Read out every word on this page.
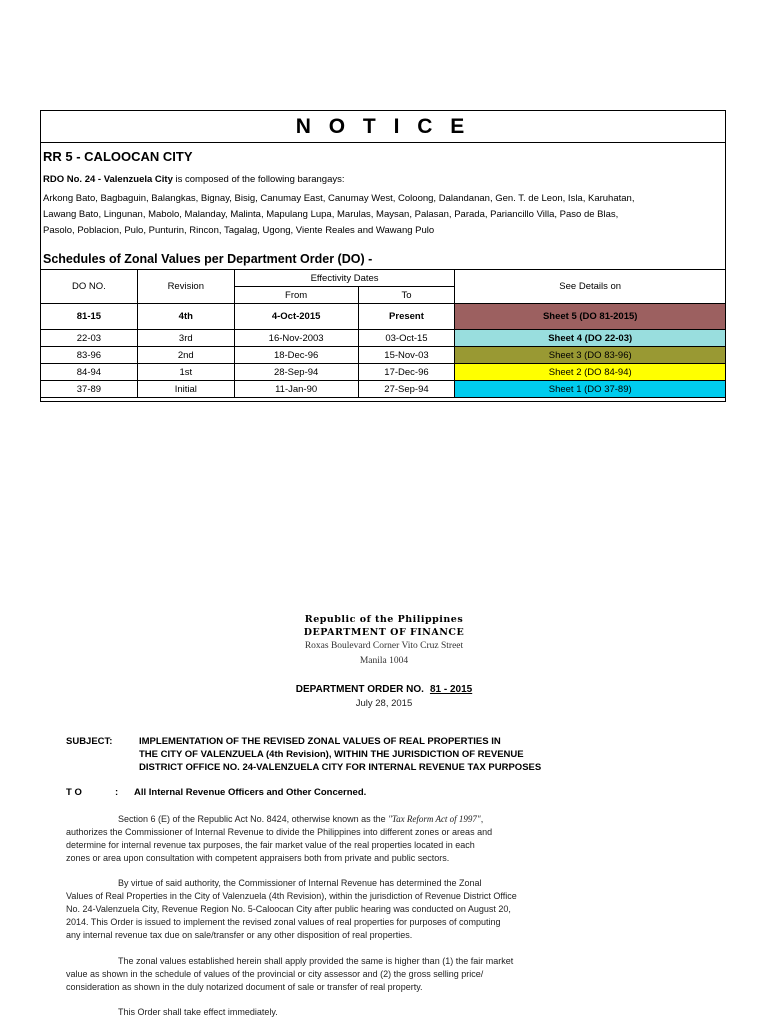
N O T I C E
RR 5 - CALOOCAN CITY
RDO No. 24 - Valenzuela City is composed of the following barangays:
Arkong Bato, Bagbaguin, Balangkas, Bignay, Bisig, Canumay East, Canumay West, Coloong, Dalandanan, Gen. T. de Leon, Isla, Karuhatan,
Lawang Bato, Lingunan, Mabolo, Malanday, Malinta, Mapulang Lupa, Marulas, Maysan, Palasan, Parada, Pariancillo Villa, Paso de Blas,
Pasolo, Poblacion, Pulo, Punturin, Rincon, Tagalag, Ugong, Viente Reales and Wawang Pulo
Schedules of Zonal Values per Department Order (DO) -
DO NO.	Revision	Effectivity Dates		See Details on
		From	To	
81-15	4th	4-Oct-2015	Present	Sheet 5 (DO 81-2015)
22-03	3rd	16-Nov-2003	03-Oct-15	Sheet 4 (DO 22-03)
83-96	2nd	18-Dec-96	15-Nov-03	Sheet 3 (DO 83-96)
84-94	1st	28-Sep-94	17-Dec-96	Sheet 2 (DO 84-94)
37-89	Initial	11-Jan-90	27-Sep-94	Sheet 1 (DO 37-89)
Republic of the Philippines
DEPARTMENT OF FINANCE
Roxas Boulevard Corner Vito Cruz Street
Manila 1004
DEPARTMENT ORDER NO. 81 - 2015
July 28, 2015
SUBJECT:	IMPLEMENTATION OF THE REVISED ZONAL VALUES OF REAL PROPERTIES IN
THE CITY OF VALENZUELA (4th Revision), WITHIN THE JURISDICTION OF REVENUE
DISTRICT OFFICE NO. 24-VALENZUELA CITY FOR INTERNAL REVENUE TAX PURPOSES
T O	: All Internal Revenue Officers and Other Concerned.
Section 6 (E) of the Republic Act No. 8424, otherwise known as the "Tax Reform Act of 1997",
authorizes the Commissioner of Internal Revenue to divide the Philippines into different zones or areas and
determine for internal revenue tax purposes, the fair market value of the real properties located in each
zones or area upon consultation with competent appraisers both from private and public sectors.
By virtue of said authority, the Commissioner of Internal Revenue has determined the Zonal
Values of Real Properties in the City of Valenzuela (4th Revision), within the jurisdiction of Revenue District Office
No. 24-Valenzuela City, Revenue Region No. 5-Caloocan City after public hearing was conducted on August 20,
2014. This Order is issued to implement the revised zonal values of real properties for purposes of computing
any internal revenue tax due on sale/transfer or any other disposition of real properties.
The zonal values established herein shall apply provided the same is higher than (1) the fair market
value as shown in the schedule of values of the provincial or city assessor and (2) the gross selling price/
consideration as shown in the duly notarized document of sale or transfer of real property.
This Order shall take effect immediately.
